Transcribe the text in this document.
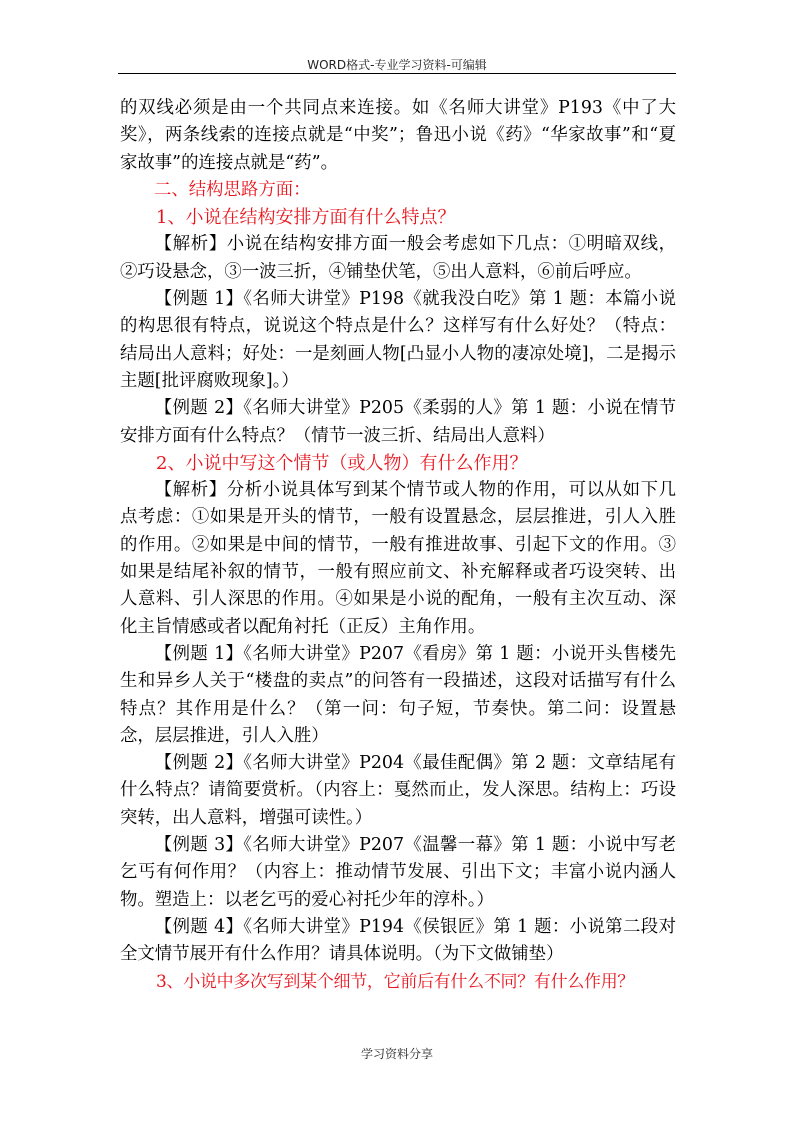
WORD格式-专业学习资料-可编辑

的双线必须是由一个共同点来连接。如《名师大讲堂》P193《中了大奖》，两条线索的连接点就是“中奖”；鲁迅小说《药》“华家故事”和“夏家故事”的连接点就是“药”。

二、结构思路方面：

1、小说在结构安排方面有什么特点？

【解析】小说在结构安排方面一般会考虑如下几点：①明暗双线，②巧设悬念，③一波三折，④铺垫伏笔，⑤出人意料，⑥前后呼应。

【例题 1】《名师大讲堂》P198《就我没白吃》第 1 题：本篇小说的构思很有特点，说说这个特点是什么？这样写有什么好处？（特点：结局出人意料；好处：一是刻画人物[凸显小人物的凄凉处境]，二是揭示主题[批评腐败现象]。）

【例题 2】《名师大讲堂》P205《柔弱的人》第 1 题：小说在情节安排方面有什么特点？（情节一波三折、结局出人意料）

2、小说中写这个情节（或人物）有什么作用？

【解析】分析小说具体写到某个情节或人物的作用，可以从如下几点考虑：①如果是开头的情节，一般有设置悬念，层层推进，引人入胜的作用。②如果是中间的情节，一般有推进故事、引起下文的作用。③如果是结尾补叙的情节，一般有照应前文、补充解释或者巧设突转、出人意料、引人深思的作用。④如果是小说的配角，一般有主次互动、深化主旨情感或者以配角衬托（正反）主角作用。

【例题 1】《名师大讲堂》P207《看房》第 1 题：小说开头售楼先生和异乡人关于“楼盘的卖点”的问答有一段描述，这段对话描写有什么特点？其作用是什么？（第一问：句子短，节奏快。第二问：设置悬念，层层推进，引人入胜）

【例题 2】《名师大讲堂》P204《最佳配偶》第 2 题：文章结尾有什么特点？请简要赏析。（内容上：戛然而止，发人深思。结构上：巧设突转，出人意料，增强可读性。）

【例题 3】《名师大讲堂》P207《温馨一幕》第 1 题：小说中写老乞丐有何作用？（内容上：推动情节发展、引出下文；丰富小说内涵人物。塑造上：以老乞丐的爱心衬托少年的淳朴。）

【例题 4】《名师大讲堂》P194《侯银匠》第 1 题：小说第二段对全文情节展开有什么作用？请具体说明。（为下文做铺垫）

3、小说中多次写到某个细节，它前后有什么不同？有什么作用？

学习资料分享
